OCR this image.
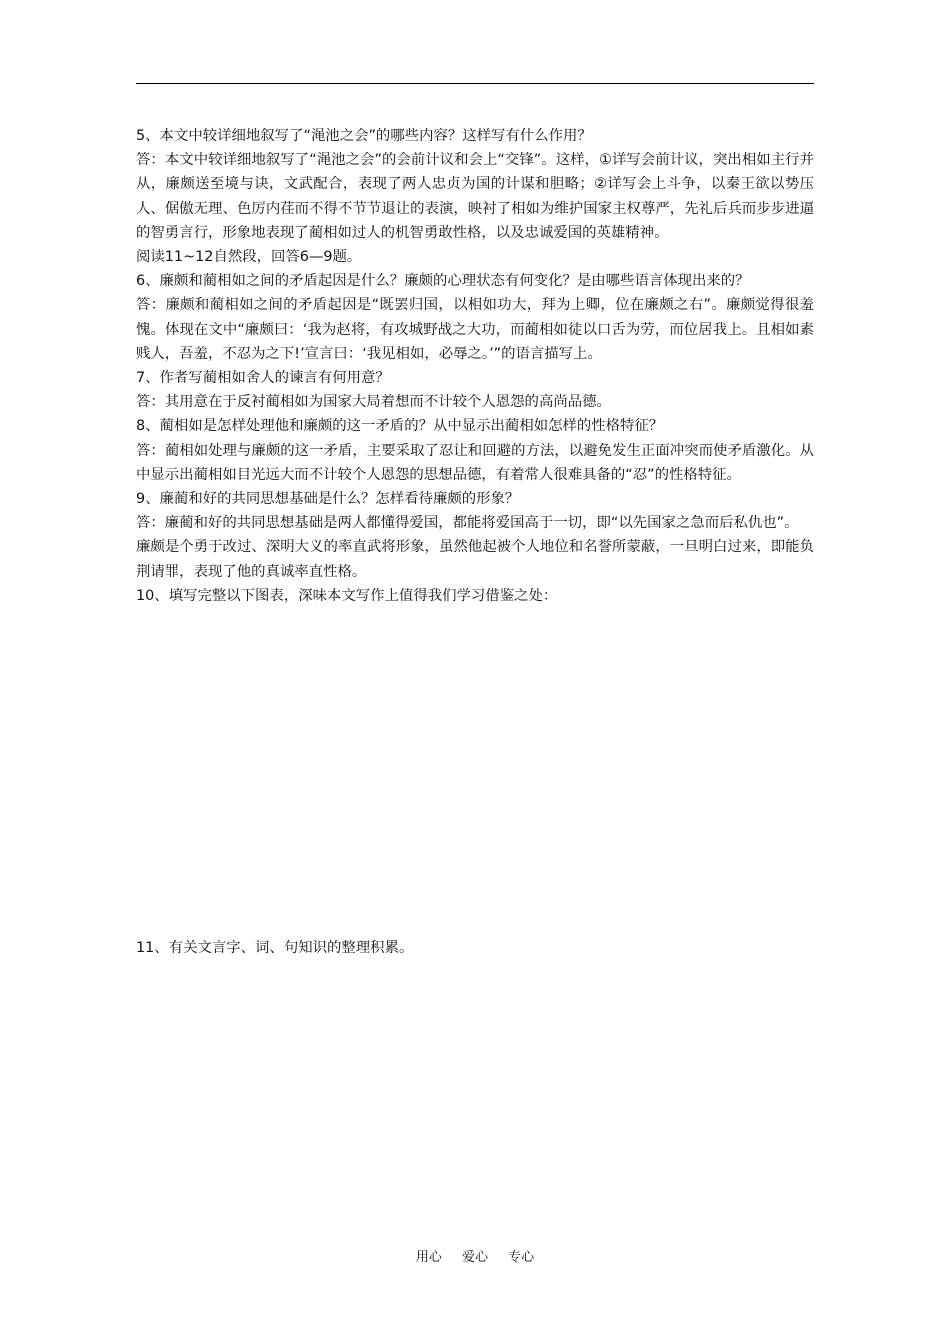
5、本文中较详细地叙写了“渑池之会”的哪些内容？这样写有什么作用？

答：本文中较详细地叙写了“渑池之会”的会前计议和会上“交锋”。这样，①详写会前计议，突出相如主行并从，廉颇送至境与诀，文武配合，表现了两人忠贞为国的计谋和胆略；②详写会上斗争，以秦王欲以势压人、倨傲无理、色厉内荏而不得不节节退让的表演，映衬了相如为维护国家主权尊严，先礼后兵而步步进逼的智勇言行，形象地表现了蔺相如过人的机智勇敢性格，以及忠诚爱国的英雄精神。

阅读11~12自然段，回答6—9题。

6、廉颇和蔺相如之间的矛盾起因是什么？廉颇的心理状态有何变化？是由哪些语言体现出来的？

答：廉颇和蔺相如之间的矛盾起因是“既罢归国，以相如功大，拜为上卿，位在廉颇之右”。廉颇觉得很羞愧。体现在文中“廉颇曰：‘我为赵将，有攻城野战之大功，而蔺相如徒以口舌为劳，而位居我上。且相如素贱人，吾羞，不忍为之下!’宣言曰：‘我见相如，必辱之。’”的语言描写上。

7、作者写蔺相如舍人的谏言有何用意？

答：其用意在于反衬蔺相如为国家大局着想而不计较个人恩怨的高尚品德。

8、蔺相如是怎样处理他和廉颇的这一矛盾的？从中显示出蔺相如怎样的性格特征？

答：蔺相如处理与廉颇的这一矛盾，主要采取了忍让和回避的方法，以避免发生正面冲突而使矛盾激化。从中显示出蔺相如目光远大而不计较个人恩怨的思想品德，有着常人很难具备的“忍”的性格特征。

9、廉蔺和好的共同思想基础是什么？怎样看待廉颇的形象？

答：廉蔺和好的共同思想基础是两人都懂得爱国，都能将爱国高于一切，即“以先国家之急而后私仇也”。

廉颇是个勇于改过、深明大义的率直武将形象，虽然他起被个人地位和名誉所蒙蔽，一旦明白过来，即能负荆请罪，表现了他的真诚率直性格。

10、填写完整以下图表，深味本文写作上值得我们学习借鉴之处：

11、有关文言字、词、句知识的整理积累。

用心 爱心 专心
